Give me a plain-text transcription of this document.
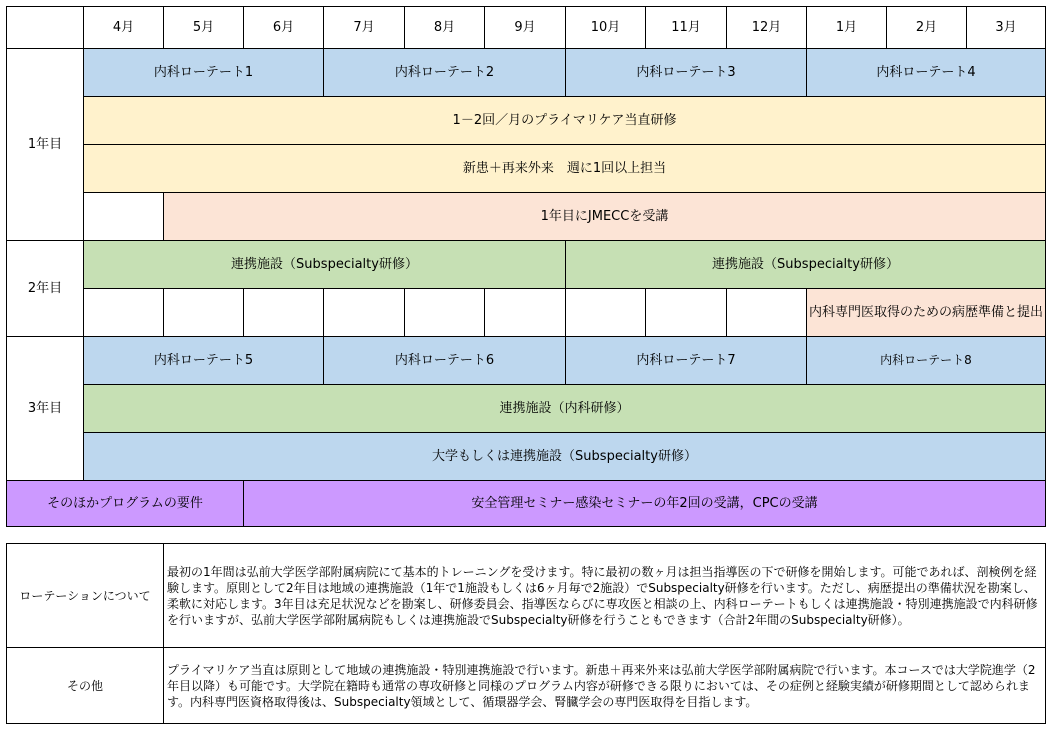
	4月	5月	6月	7月	8月	9月	10月	11月	12月	1月	2月	3月
1年目	内科ローテート1			内科ローテート2			内科ローテート3			内科ローテート4		
	1－2回／月のプライマリケア当直研修											
	新患＋再来外来　週に1回以上担当											
		1年目にJMECCを受講										
2年目	連携施設（Subspecialty研修）						連携施設（Subspecialty研修）					
										内科専門医取得のための病歴準備と提出		
3年目	内科ローテート5			内科ローテート6			内科ローテート7			内科ローテート8		
	連携施設（内科研修）											
	大学もしくは連携施設（Subspecialty研修）											
そのほかプログラムの要件			安全管理セミナー感染セミナーの年2回の受講，CPCの受講									
ローテーションについて	最初の1年間は弘前大学医学部附属病院にて基本的トレーニングを受けます。特に最初の数ヶ月は担当指導医の下で研修を開始します。可能であれば、剖検例を経験します。原則として2年目は地域の連携施設（1年で1施設もしくは6ヶ月毎で2施設）でSubspecialty研修を行います。ただし、病歴提出の準備状況を勘案し、柔軟に対応します。3年目は充足状況などを勘案し、研修委員会、指導医ならびに専攻医と相談の上、内科ローテートもしくは連携施設・特別連携施設で内科研修を行いますが、弘前大学医学部附属病院もしくは連携施設でSubspecialty研修を行うこともできます（合計2年間のSubspecialty研修）。
その他	プライマリケア当直は原則として地域の連携施設・特別連携施設で行います。新患＋再来外来は弘前大学医学部附属病院で行います。本コースでは大学院進学（2年目以降）も可能です。大学院在籍時も通常の専攻研修と同様のプログラム内容が研修できる限りにおいては、その症例と経験実績が研修期間として認められます。内科専門医資格取得後は、Subspecialty領域として、循環器学会、腎臓学会の専門医取得を目指します。
